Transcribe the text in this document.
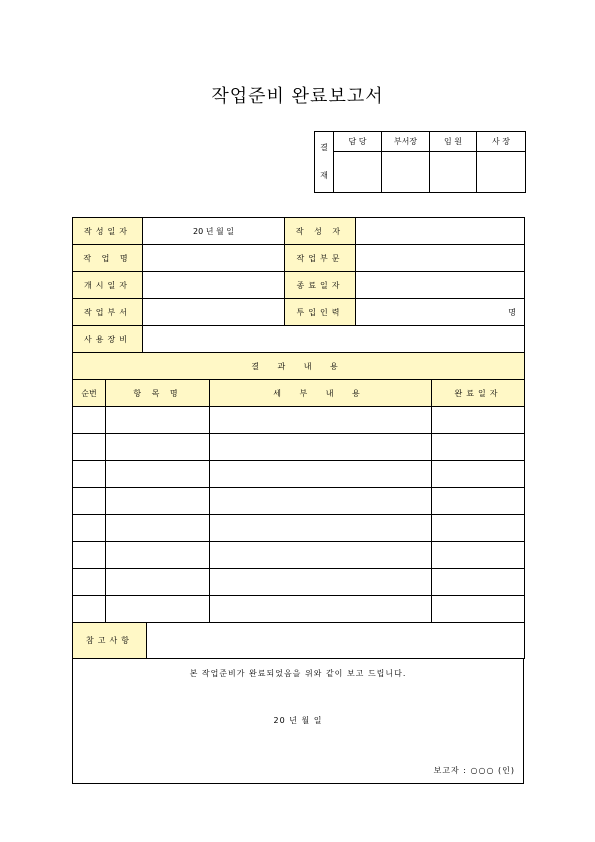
작업준비 완료보고서
결
재	담 당	부서장	임 원	사 장

작성일자	20 년 월 일	작 성 자	
작 업 명		작업부문	
개시일자		종료일자	
작업부서		투입인력	명
사용장비			
결 과 내 용			
순번	항 목 명	세 부 내 용	완료일자

참고사항	
본 작업준비가 완료되었음을 위와 같이 보고 드립니다.
20 년 월 일
보고자 : ○○○ (인)
